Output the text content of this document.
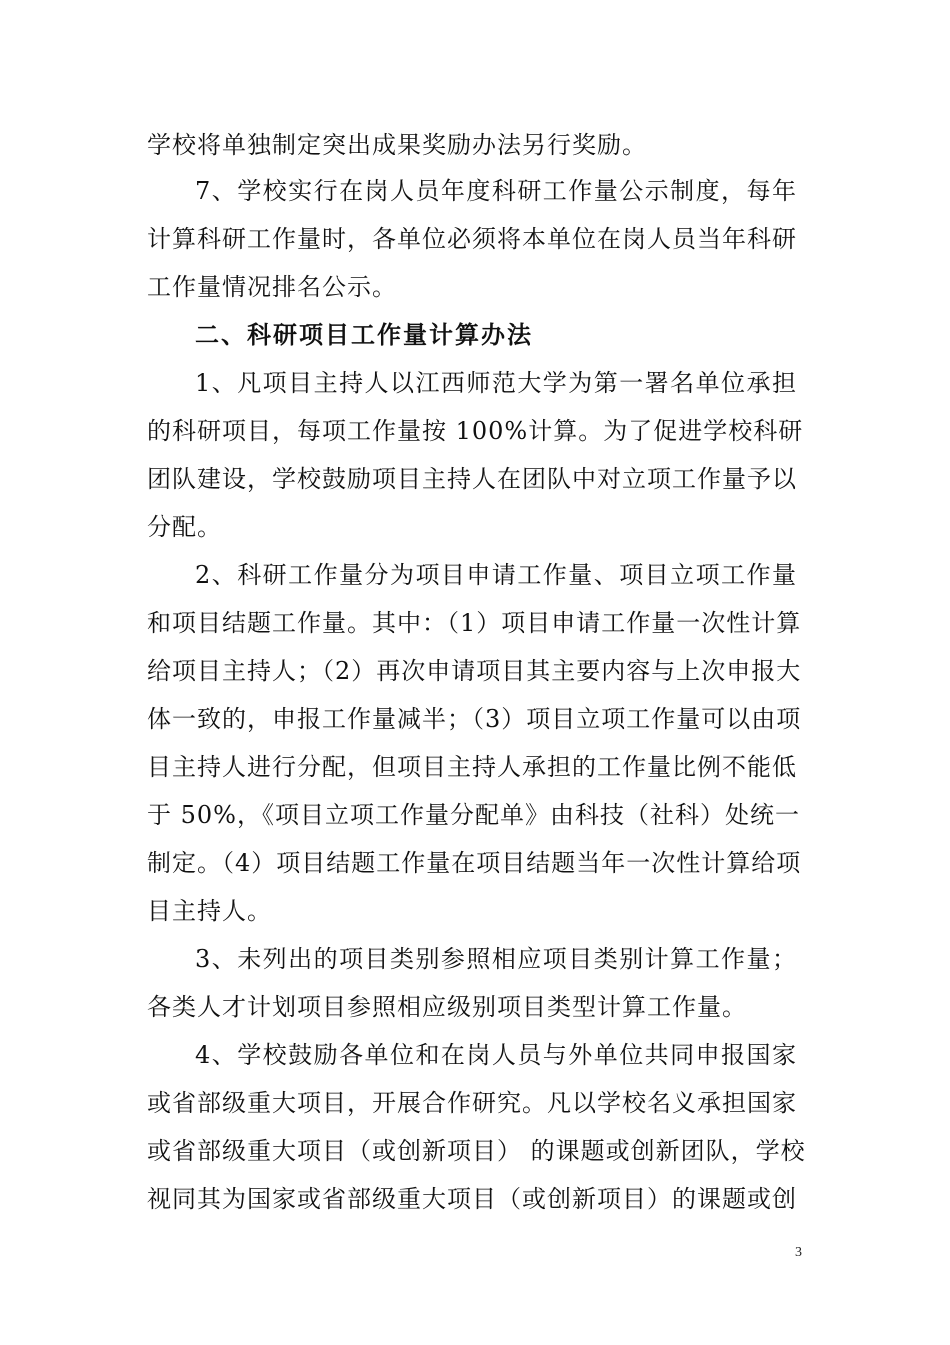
学校将单独制定突出成果奖励办法另行奖励。
7、学校实行在岗人员年度科研工作量公示制度，每年
计算科研工作量时，各单位必须将本单位在岗人员当年科研
工作量情况排名公示。
二、科研项目工作量计算办法
1、凡项目主持人以江西师范大学为第一署名单位承担
的科研项目，每项工作量按 100%计算。为了促进学校科研
团队建设，学校鼓励项目主持人在团队中对立项工作量予以
分配。
2、科研工作量分为项目申请工作量、项目立项工作量
和项目结题工作量。其中：（1）项目申请工作量一次性计算
给项目主持人；（2）再次申请项目其主要内容与上次申报大
体一致的，申报工作量减半；（3）项目立项工作量可以由项
目主持人进行分配，但项目主持人承担的工作量比例不能低
于 50%，《项目立项工作量分配单》由科技（社科）处统一
制定。（4）项目结题工作量在项目结题当年一次性计算给项
目主持人。
3、未列出的项目类别参照相应项目类别计算工作量；
各类人才计划项目参照相应级别项目类型计算工作量。
4、学校鼓励各单位和在岗人员与外单位共同申报国家
或省部级重大项目，开展合作研究。凡以学校名义承担国家
或省部级重大项目（或创新项目） 的课题或创新团队，学校
视同其为国家或省部级重大项目（或创新项目）的课题或创
3
